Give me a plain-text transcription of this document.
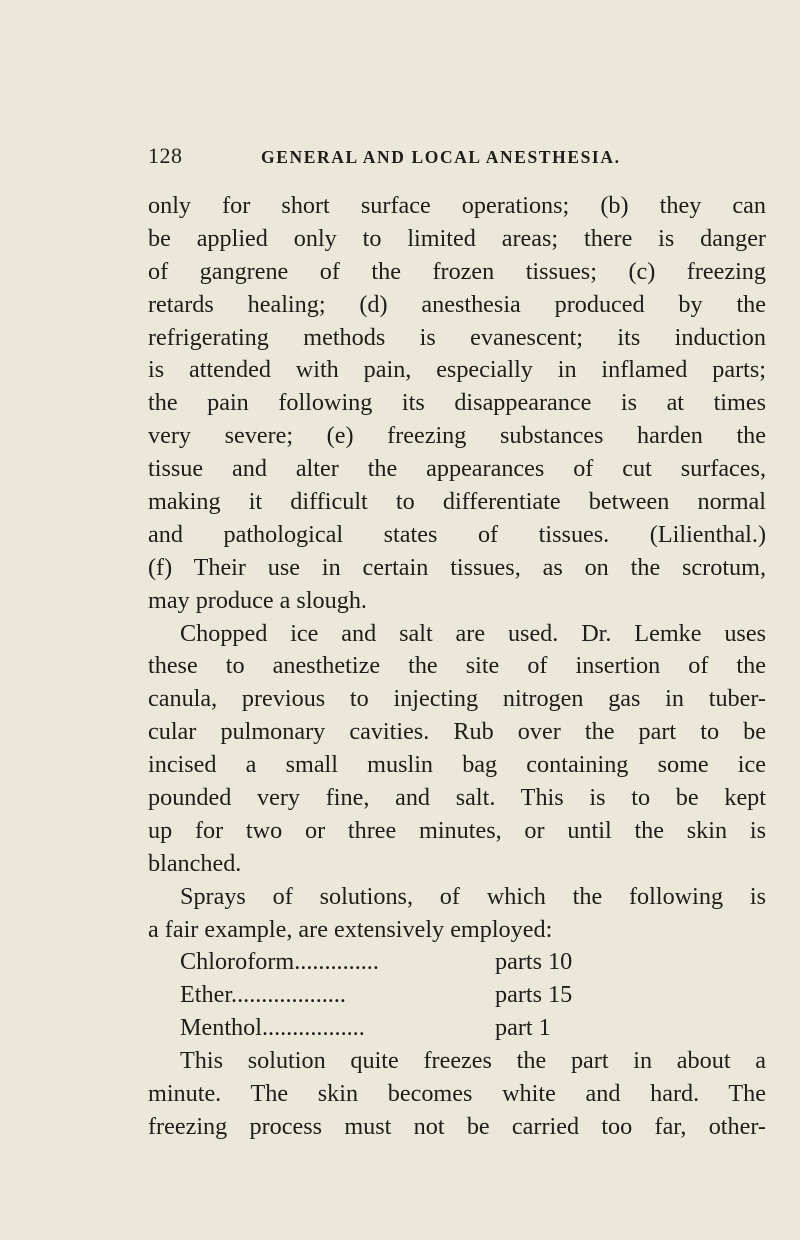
128	GENERAL AND LOCAL ANESTHESIA.
only for short surface operations; (b) they can
be applied only to limited areas; there is danger
of gangrene of the frozen tissues; (c) freezing
retards healing; (d) anesthesia produced by the
refrigerating methods is evanescent; its induction
is attended with pain, especially in inflamed parts;
the pain following its disappearance is at times
very severe; (e) freezing substances harden the
tissue and alter the appearances of cut surfaces,
making it difficult to differentiate between normal
and pathological states of tissues. (Lilienthal.)
(f) Their use in certain tissues, as on the scrotum,
may produce a slough.
Chopped ice and salt are used. Dr. Lemke uses
these to anesthetize the site of insertion of the
canula, previous to injecting nitrogen gas in tuber-
cular pulmonary cavities. Rub over the part to be
incised a small muslin bag containing some ice
pounded very fine, and salt. This is to be kept
up for two or three minutes, or until the skin is
blanched.
Sprays of solutions, of which the following is
a fair example, are extensively employed:
Chloroform..............	parts 10
Ether...................	parts 15
Menthol.................	part 1
This solution quite freezes the part in about a
minute. The skin becomes white and hard. The
freezing process must not be carried too far, other-
